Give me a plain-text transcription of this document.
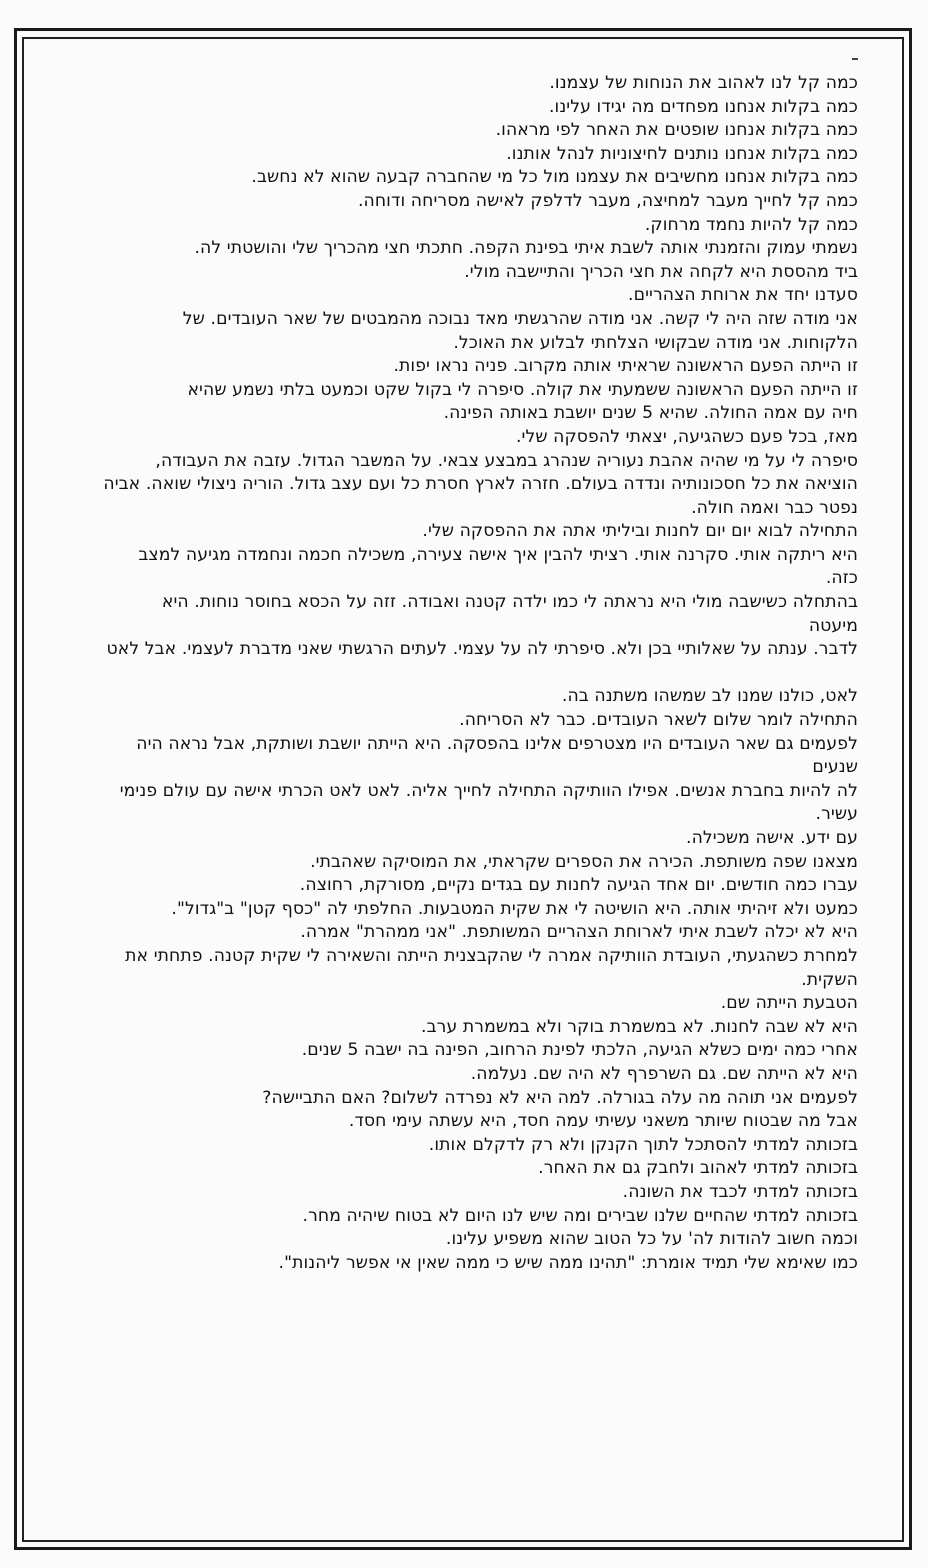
כמה קל לנו לאהוב את הנוחות של עצמנו.
כמה בקלות אנחנו מפחדים מה יגידו עלינו.
כמה בקלות אנחנו שופטים את האחר לפי מראהו.
כמה בקלות אנחנו נותנים לחיצוניות לנהל אותנו.
כמה בקלות אנחנו מחשיבים את עצמנו מול כל מי שהחברה קבעה שהוא לא נחשב.
כמה קל לחייך מעבר למחיצה, מעבר לדלפק לאישה מסריחה ודוחה.
כמה קל להיות נחמד מרחוק.
נשמתי עמוק והזמנתי אותה לשבת איתי בפינת הקפה. חתכתי חצי מהכריך שלי והושטתי לה.
ביד מהססת היא לקחה את חצי הכריך והתיישבה מולי.
סעדנו יחד את ארוחת הצהריים.
אני מודה שזה היה לי קשה. אני מודה שהרגשתי מאד נבוכה מהמבטים של שאר העובדים. של
הלקוחות. אני מודה שבקושי הצלחתי לבלוע את האוכל.
זו הייתה הפעם הראשונה שראיתי אותה מקרוב. פניה נראו יפות.
זו הייתה הפעם הראשונה ששמעתי את קולה. סיפרה לי בקול שקט וכמעט בלתי נשמע שהיא
חיה עם אמה החולה. שהיא 5 שנים יושבת באותה הפינה.
מאז, בכל פעם כשהגיעה, יצאתי להפסקה שלי.
סיפרה לי על מי שהיה אהבת נעוריה שנהרג במבצע צבאי. על המשבר הגדול. עזבה את העבודה,
הוציאה את כל חסכונותיה ונדדה בעולם. חזרה לארץ חסרת כל ועם עצב גדול. הוריה ניצולי שואה. אביה
נפטר כבר ואמה חולה.
התחילה לבוא יום יום לחנות וביליתי אתה את ההפסקה שלי.
היא ריתקה אותי. סקרנה אותי. רציתי להבין איך אישה צעירה, משכילה חכמה ונחמדה מגיעה למצב
כזה.
בהתחלה כשישבה מולי היא נראתה לי כמו ילדה קטנה ואבודה. זזה על הכסא בחוסר נוחות. היא
מיעטה
לדבר. ענתה על שאלותיי בכן ולא. סיפרתי לה על עצמי. לעתים הרגשתי שאני מדברת לעצמי. אבל לאט
לאט, כולנו שמנו לב שמשהו משתנה בה.
התחילה לומר שלום לשאר העובדים. כבר לא הסריחה.
לפעמים גם שאר העובדים היו מצטרפים אלינו בהפסקה. היא הייתה יושבת ושותקת, אבל נראה היה
שנעים
לה להיות בחברת אנשים. אפילו הוותיקה התחילה לחייך אליה. לאט לאט הכרתי אישה עם עולם פנימי
עשיר.
עם ידע. אישה משכילה.
מצאנו שפה משותפת. הכירה את הספרים שקראתי, את המוסיקה שאהבתי.
עברו כמה חודשים. יום אחד הגיעה לחנות עם בגדים נקיים, מסורקת, רחוצה.
כמעט ולא זיהיתי אותה. היא הושיטה לי את שקית המטבעות. החלפתי לה "כסף קטן" ב"גדול".
היא לא יכלה לשבת איתי לארוחת הצהריים המשותפת. "אני ממהרת" אמרה.
למחרת כשהגעתי, העובדת הוותיקה אמרה לי שהקבצנית הייתה והשאירה לי שקית קטנה. פתחתי את
השקית.
הטבעת הייתה שם.
היא לא שבה לחנות. לא במשמרת בוקר ולא במשמרת ערב.
אחרי כמה ימים כשלא הגיעה, הלכתי לפינת הרחוב, הפינה בה ישבה 5 שנים.
היא לא הייתה שם. גם השרפרף לא היה שם. נעלמה.
לפעמים אני תוהה מה עלה בגורלה. למה היא לא נפרדה לשלום? האם התביישה?
אבל מה שבטוח שיותר משאני עשיתי עמה חסד, היא עשתה עימי חסד.
בזכותה למדתי להסתכל לתוך הקנקן ולא רק לדקלם אותו.
בזכותה למדתי לאהוב ולחבק גם את האחר.
בזכותה למדתי לכבד את השונה.
בזכותה למדתי שהחיים שלנו שבירים ומה שיש לנו היום לא בטוח שיהיה מחר.
וכמה חשוב להודות לה' על כל הטוב שהוא משפיע עלינו.
כמו שאימא שלי תמיד אומרת: "תהינו ממה שיש כי ממה שאין אי אפשר ליהנות".
